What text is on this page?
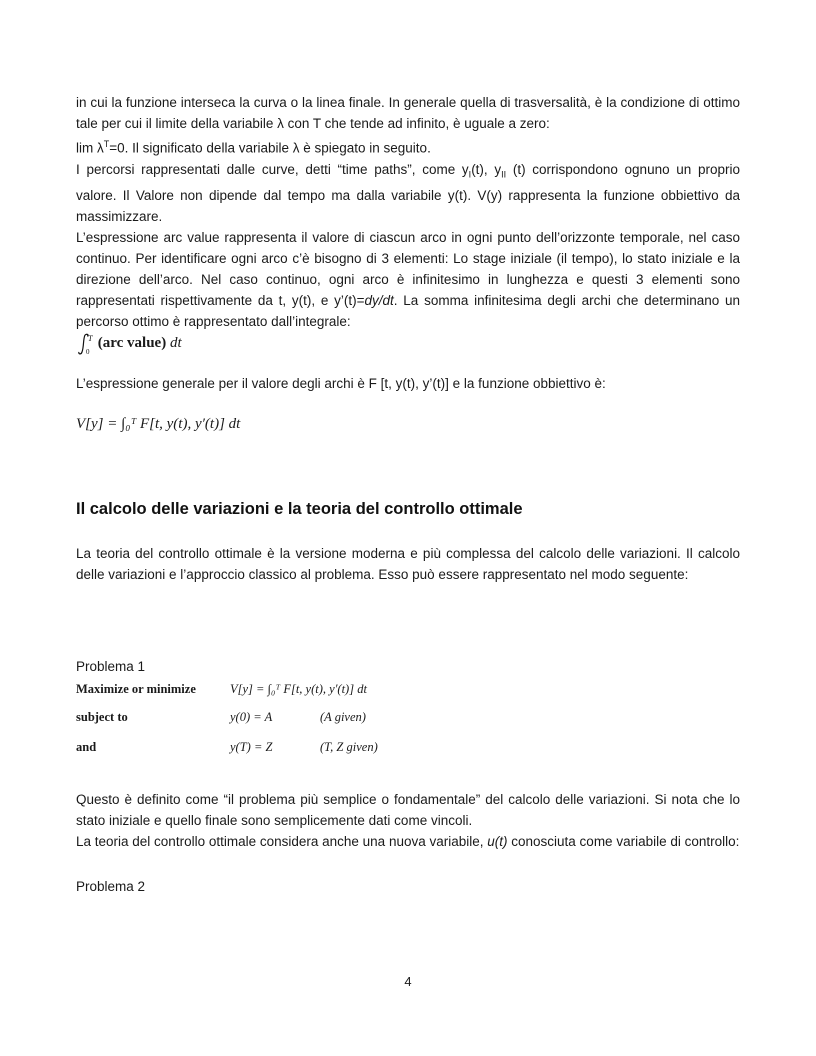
in cui la funzione interseca la curva o la linea finale. In generale quella di trasversalità, è la condizione di ottimo tale per cui il limite della variabile λ con T che tende ad infinito, è uguale a zero:

$\lim \lambda^T=0$. Il significato della variabile λ è spiegato in seguito.

I percorsi rappresentati dalle curve, detti “time paths”, come $y_I(t)$, $y_{II}$ (t) corrispondono ognuno un proprio valore. Il Valore non dipende dal tempo ma dalla variabile y(t). V(y) rappresenta la funzione obbiettivo da massimizzare.

L’espressione arc value rappresenta il valore di ciascun arco in ogni punto dell’orizzonte temporale, nel caso continuo. Per identificare ogni arco c’è bisogno di 3 elementi: Lo stage iniziale (il tempo), lo stato iniziale e la direzione dell’arco. Nel caso continuo, ogni arco è infinitesimo in lunghezza e questi 3 elementi sono rappresentati rispettivamente da t, y(t), e y’(t)=dy/dt. La somma infinitesima degli archi che determinano un percorso ottimo è rappresentato dall’integrale:

T
0
(arc value) dt

L’espressione generale per il valore degli archi è F [t, y(t), y’(t)] e la funzione obbiettivo è:

V[y] = ∫₀ᵀ F[t, y(t), y′(t)] dt
Il calcolo delle variazioni e la teoria del controllo ottimale

La teoria del controllo ottimale è la versione moderna e più complessa del calcolo delle variazioni. Il calcolo delle variazioni e l’approccio classico al problema. Esso può essere rappresentato nel modo seguente:

Problema 1
Maximize or minimize	V[y] = ∫₀ᵀ F[t, y(t), y′(t)] dt
subject to	y(0) = A	(A given)
and	y(T) = Z	(T, Z given)

Questo è definito come “il problema più semplice o fondamentale” del calcolo delle variazioni. Si nota che lo stato iniziale e quello finale sono semplicemente dati come vincoli.

La teoria del controllo ottimale considera anche una nuova variabile, u(t) conosciuta come variabile di controllo:

Problema 2
4
